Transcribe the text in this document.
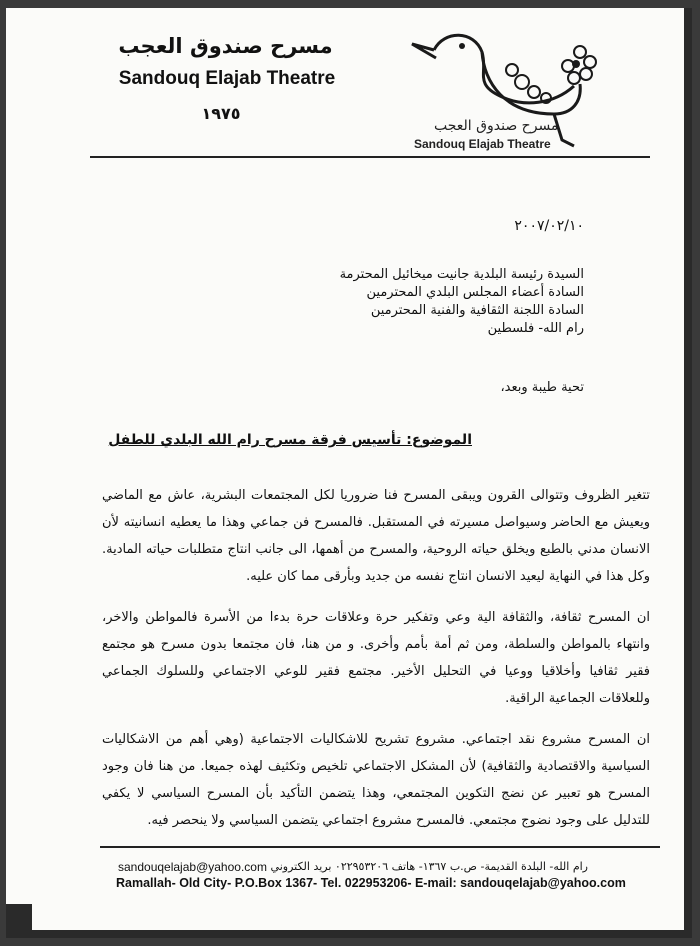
مسرح صندوق العجب
Sandouq Elajab Theatre
١٩٧٥
مسرح صندوق العجب
Sandouq Elajab Theatre
٢٠٠٧/٠٢/١٠
السيدة رئيسة البلدية جانيت ميخائيل المحترمة
السادة أعضاء المجلس البلدي المحترمين
السادة اللجنة الثقافية والفنية المحترمين
رام الله- فلسطين
تحية طيبة وبعد،
الموضوع: تأسيس فرقة مسرح رام الله البلدي للطفل

تتغير الظروف وتتوالى القرون ويبقى المسرح فنا ضروريا لكل المجتمعات البشرية، عاش مع الماضي ويعيش مع الحاضر وسيواصل مسيرته في المستقبل. فالمسرح فن جماعي وهذا ما يعطيه انسانيته لأن الانسان مدني بالطبع ويخلق حياته الروحية، والمسرح من أهمها، الى جانب انتاج متطلبات حياته المادية. وكل هذا في النهاية ليعيد الانسان انتاج نفسه من جديد وبأرقى مما كان عليه.

ان المسرح ثقافة، والثقافة الية وعي وتفكير حرة وعلاقات حرة بدءا من الأسرة فالمواطن والاخر، وانتهاء بالمواطن والسلطة، ومن ثم أمة بأمم وأخرى. و من هنا، فان مجتمعا بدون مسرح هو مجتمع فقير ثقافيا وأخلاقيا ووعيا في التحليل الأخير. مجتمع فقير للوعي الاجتماعي وللسلوك الجماعي وللعلاقات الجماعية الراقية.

ان المسرح مشروع نقد اجتماعي. مشروع تشريح للاشكاليات الاجتماعية (وهي أهم من الاشكاليات السياسية والاقتصادية والثقافية) لأن المشكل الاجتماعي تلخيص وتكثيف لهذه جميعا. من هنا فان وجود المسرح هو تعبير عن نضج التكوين المجتمعي، وهذا يتضمن التأكيد بأن المسرح السياسي لا يكفي للتدليل على وجود نضوج مجتمعي. فالمسرح مشروع اجتماعي يتضمن السياسي ولا ينحصر فيه.

sandouqelajab@yahoo.com رام الله- البلدة القديمة- ص.ب ١٣٦٧- هاتف ٠٢٢٩٥٣٢٠٦ بريد الكتروني
Ramallah- Old City- P.O.Box 1367- Tel. 022953206- E-mail: sandouqelajab@yahoo.com
